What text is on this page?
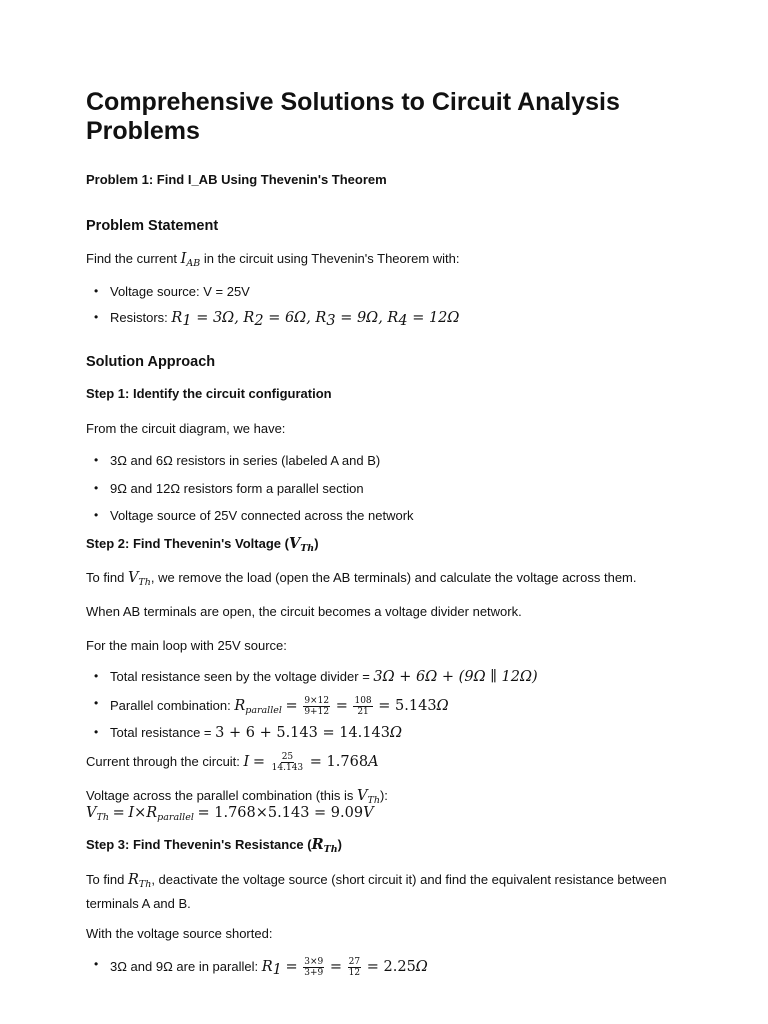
Comprehensive Solutions to Circuit Analysis Problems
Problem 1: Find I_AB Using Thevenin's Theorem
Problem Statement

Find the current $I_{AB}$ in the circuit using Thevenin's Theorem with:

• Voltage source: V = 25V
• Resistors: $R_1 = 3\Omega$, $R_2 = 6\Omega$, $R_3 = 9\Omega$, $R_4 = 12\Omega$
Solution Approach
Step 1: Identify the circuit configuration

From the circuit diagram, we have:

• 3Ω and 6Ω resistors in series (labeled A and B)
• 9Ω and 12Ω resistors form a parallel section
• Voltage source of 25V connected across the network
Step 2: Find Thevenin's Voltage $(V_{Th})$

To find $V_{Th}$, we remove the load (open the AB terminals) and calculate the voltage across them.

When AB terminals are open, the circuit becomes a voltage divider network.

For the main loop with 25V source:

• Total resistance seen by the voltage divider = 3Ω + 6Ω + (9Ω ∥ 12Ω)
• Parallel combination: $R_{parallel} = \frac{9\times 12}{9+12} = \frac{108}{21} = 5.143\Omega$
• Total resistance = 3 + 6 + 5.143 = 14.143Ω

Current through the circuit: $I = \frac{25}{14.143} = 1.768A$

Voltage across the parallel combination (this is $V_{Th}$):

$V_{Th} = I\times R_{parallel} = 1.768\times 5.143 = 9.09V$

Step 3: Find Thevenin's Resistance $(R_{Th})$

To find $R_{Th}$, deactivate the voltage source (short circuit it) and find the equivalent resistance between terminals A and B.

With the voltage source shorted:

• 3Ω and 9Ω are in parallel: $R_1 = \frac{3\times 9}{3+9} = \frac{27}{12} = 2.25\Omega$
